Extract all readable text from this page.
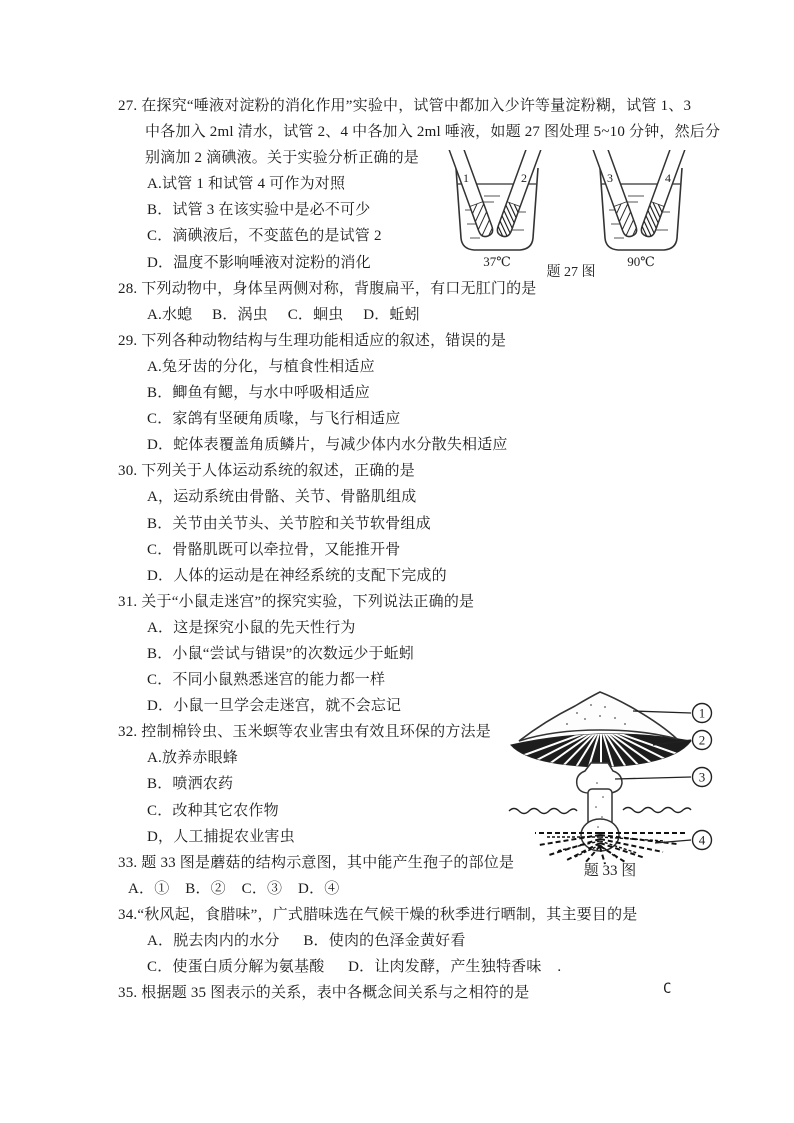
27. 在探究“唾液对淀粉的消化作用”实验中，试管中都加入少许等量淀粉糊，试管 1、3
中各加入 2ml 清水，试管 2、4 中各加入 2ml 唾液，如题 27 图处理 5~10 分钟，然后分
别滴加 2 滴碘液。关于实验分析正确的是
A.试管 1 和试管 4 可作为对照
B．试管 3 在该实验中是必不可少
C．滴碘液后，不变蓝色的是试管 2
D．温度不影响唾液对淀粉的消化
28. 下列动物中，身体呈两侧对称，背腹扁平，有口无肛门的是
A.水螅     B．涡虫     C．蛔虫     D．蚯蚓
29. 下列各种动物结构与生理功能相适应的叙述，错误的是
A.兔牙齿的分化，与植食性相适应
B．鲫鱼有鳃，与水中呼吸相适应
C．家鸽有坚硬角质喙，与飞行相适应
D．蛇体表覆盖角质鳞片，与减少体内水分散失相适应
30. 下列关于人体运动系统的叙述，正确的是
A，运动系统由骨骼、关节、骨骼肌组成
B．关节由关节头、关节腔和关节软骨组成
C．骨骼肌既可以牵拉骨，又能推开骨
D．人体的运动是在神经系统的支配下完成的
31. 关于“小鼠走迷宫”的探究实验，下列说法正确的是
A．这是探究小鼠的先天性行为
B．小鼠“尝试与错误”的次数远少于蚯蚓
C．不同小鼠熟悉迷宫的能力都一样
D．小鼠一旦学会走迷宫，就不会忘记
32. 控制棉铃虫、玉米螟等农业害虫有效且环保的方法是
A.放养赤眼蜂
B．喷洒农药
C．改种其它农作物
D，人工捕捉农业害虫
33. 题 33 图是蘑菇的结构示意图，其中能产生孢子的部位是
A．①    B．②    C．③    D．④
34.“秋风起，食腊味”，广式腊味选在气候干燥的秋季进行晒制，其主要目的是
A．脱去肉内的水分      B．使肉的色泽金黄好看
C．使蛋白质分解为氨基酸      D．让肉发酵，产生独特香味    .
35. 根据题 35 图表示的关系，表中各概念间关系与之相符的是
1	2
37℃
3	4
90℃
题 27 图
1
2
3
4
题 33 图
C
